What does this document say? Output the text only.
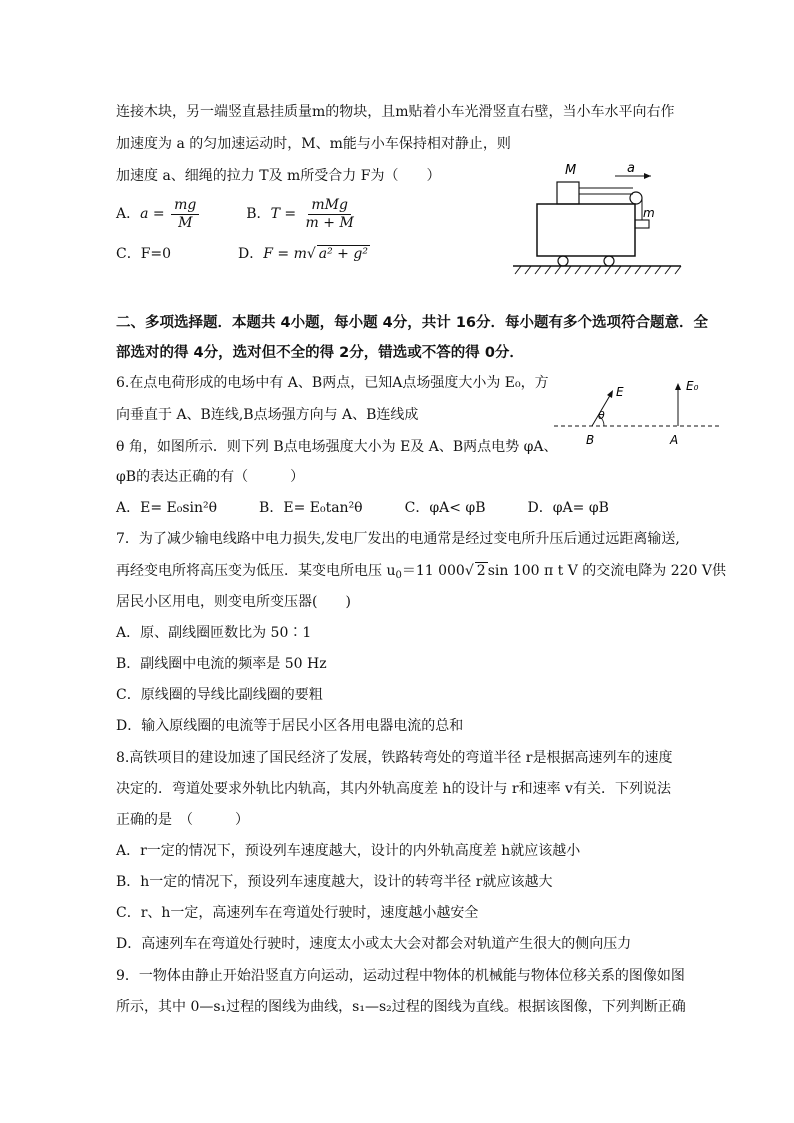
连接木块，另一端竖直悬挂质量m的物块，且m贴着小车光滑竖直右壁，当小车水平向右作
加速度为 a 的匀加速运动时，M、m能与小车保持相对静止，则
加速度 a、细绳的拉力 T及 m所受合力 F为（　　）
A．$a = \frac{mg}{M}$	B．$T = \frac{\text{mMg}}{m + M}$
C．F=0	D．F = m√ a² + g²
M
m
a
二、多项选择题．本题共 4小题，每小题 4分，共计 16分．每小题有多个选项符合题意．全
部选对的得 4分，选对但不全的得 2分，错选或不答的得 0分．
6.在点电荷形成的电场中有 A、B两点，已知A点场强度大小为 E₀，方
向垂直于 A、B连线,B点场强方向与 A、B连线成
θ 角，如图所示．则下列 B点电场强度大小为 E及 A、B两点电势 φA、
φB的表达正确的有（　　　）
A．E= E₀sin²θ　　　B．E= E₀tan²θ　　　C．φA< φB　　　D．φA= φB
E
θ
E₀
B	A
7．为了减少输电线路中电力损失,发电厂发出的电通常是经过变电所升压后通过远距离输送,
再经变电所将高压变为低压．某变电所电压 $u_0=11$ 000√ 2 sin 100 π t V 的交流电降为 220 V供
居民小区用电，则变电所变压器(　　)
A．原、副线圈匝数比为 50∶1
B．副线圈中电流的频率是 50 Hz
C．原线圈的导线比副线圈的要粗
D．输入原线圈的电流等于居民小区各用电器电流的总和
8.高铁项目的建设加速了国民经济了发展，铁路转弯处的弯道半径 r是根据高速列车的速度
决定的．弯道处要求外轨比内轨高，其内外轨高度差 h的设计与 r和速率 v有关．下列说法
正确的是　（　　　）
A．r一定的情况下，预设列车速度越大，设计的内外轨高度差 h就应该越小
B．h一定的情况下，预设列车速度越大，设计的转弯半径 r就应该越大
C．r、h一定，高速列车在弯道处行驶时，速度越小越安全
D．高速列车在弯道处行驶时，速度太小或太大会对都会对轨道产生很大的侧向压力
9．一物体由静止开始沿竖直方向运动，运动过程中物体的机械能与物体位移关系的图像如图
所示，其中 0—s₁过程的图线为曲线，s₁—s₂过程的图线为直线。根据该图像，下列判断正确
